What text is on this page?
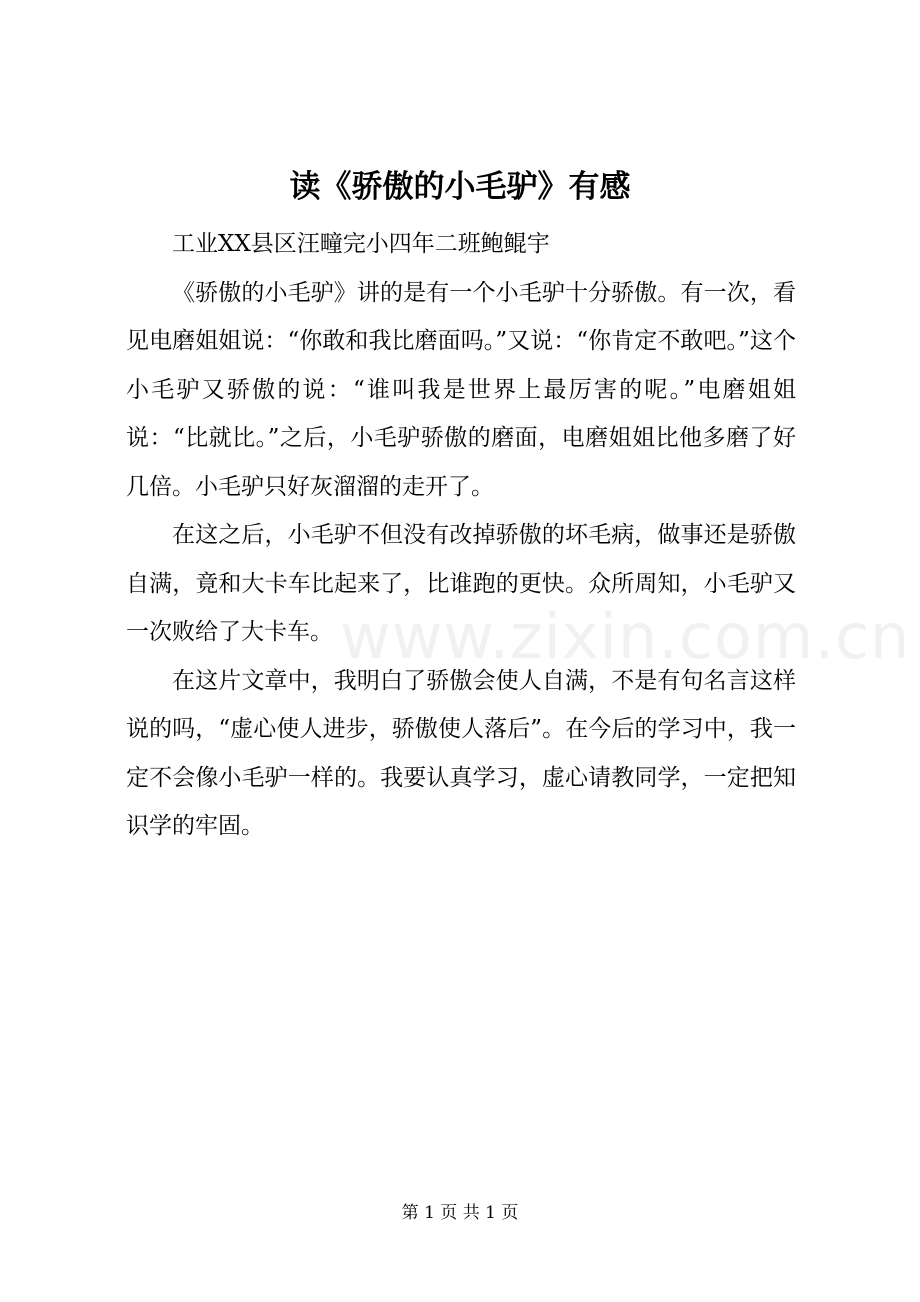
读《骄傲的小毛驴》有感

工业XX县区汪疃完小四年二班鲍鲲宇

《骄傲的小毛驴》讲的是有一个小毛驴十分骄傲。有一次，看见电磨姐姐说：“你敢和我比磨面吗。”又说：“你肯定不敢吧。”这个小毛驴又骄傲的说：“谁叫我是世界上最厉害的呢。”电磨姐姐说：“比就比。”之后，小毛驴骄傲的磨面，电磨姐姐比他多磨了好几倍。小毛驴只好灰溜溜的走开了。

在这之后，小毛驴不但没有改掉骄傲的坏毛病，做事还是骄傲自满，竟和大卡车比起来了，比谁跑的更快。众所周知，小毛驴又一次败给了大卡车。

在这片文章中，我明白了骄傲会使人自满，不是有句名言这样说的吗，“虚心使人进步，骄傲使人落后”。在今后的学习中，我一定不会像小毛驴一样的。我要认真学习，虚心请教同学，一定把知识学的牢固。

www.zixin.com.cn
第 1 页 共 1 页
